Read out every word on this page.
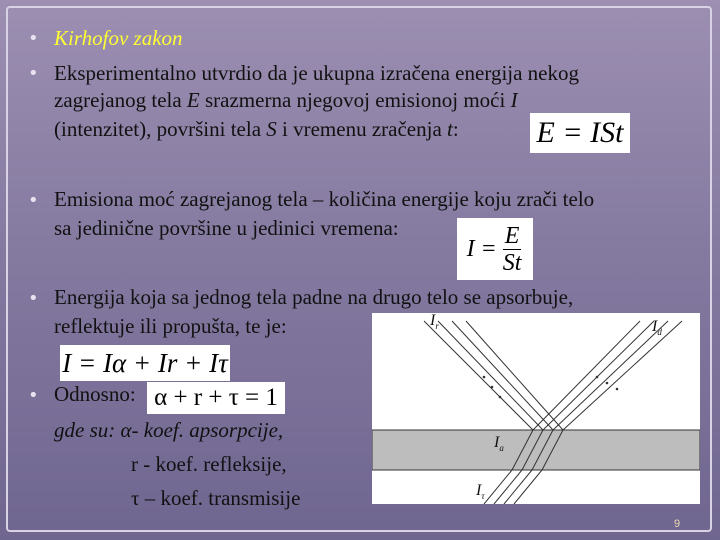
• Kirhofov zakon
• Eksperimentalno utvrdio da je ukupna izračena energija nekog
zagrejanog tela E srazmerna njegovoj emisionoj moći I
(intenzitet), površini tela S i vremenu zračenja t:	E = ISt
• Emisiona moć zagrejanog tela – količina energije koju zrači telo
sa jedinične površine u jedinici vremena:
$I = \frac{E}{St}$
• Energija koja sa jednog tela padne na drugo telo se apsorbuje,
reflektuje ili propušta, te je:
I = Iα + Ir + Iτ
• Odnosno: α + r + τ = 1
gde su: α- koef. apsorpcije,
r - koef. refleksije,
τ – koef. transmisije
$I_r$	$I_d$
$I_a$
$I_\tau$
9
